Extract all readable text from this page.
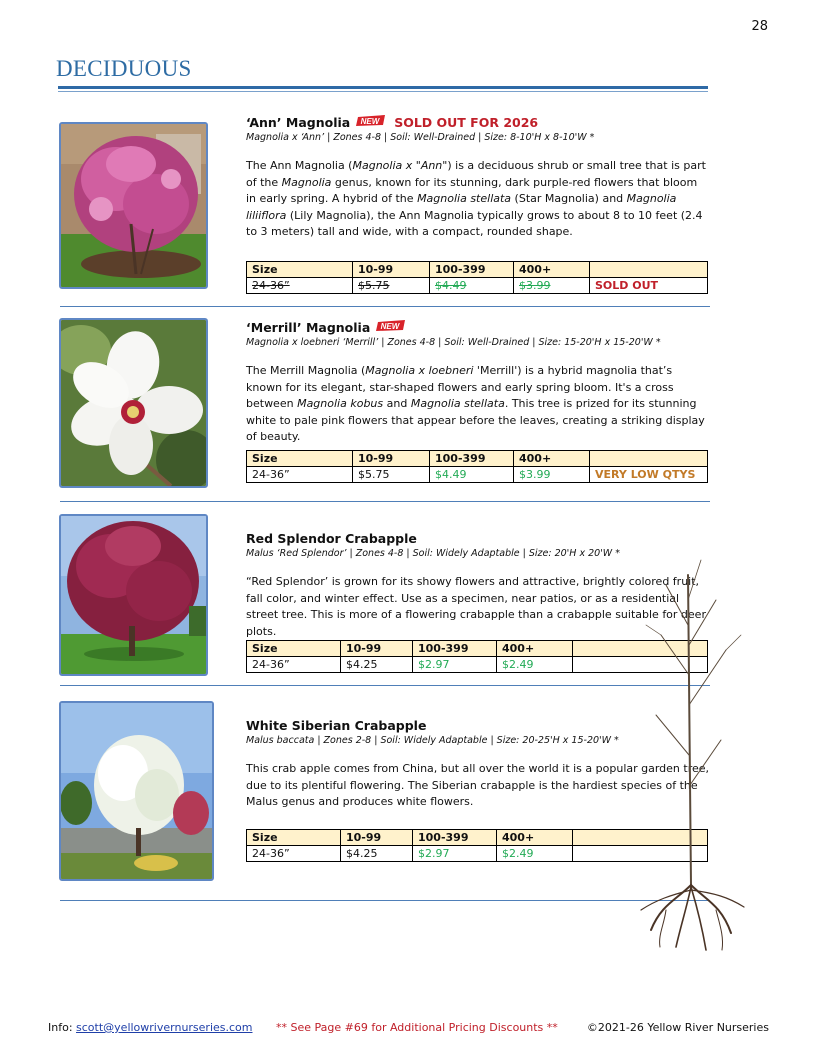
28
DECIDUOUS
‘Ann’ Magnolia NEW SOLD OUT FOR 2026
Magnolia x ‘Ann’ | Zones 4-8 | Soil: Well-Drained | Size: 8-10'H x 8-10'W *

The Ann Magnolia (Magnolia x "Ann") is a deciduous shrub or small tree that is part of the Magnolia genus, known for its stunning, dark purple-red flowers that bloom in early spring. A hybrid of the Magnolia stellata (Star Magnolia) and Magnolia liliiflora (Lily Magnolia), the Ann Magnolia typically grows to about 8 to 10 feet (2.4 to 3 meters) tall and wide, with a compact, rounded shape.

Size	10-99	100-399	400+	
24-36”	$5.75	$4.49	$3.99	SOLD OUT
‘Merrill’ Magnolia NEW
Magnolia x loebneri ‘Merrill’ | Zones 4-8 | Soil: Well-Drained | Size: 15-20'H x 15-20'W *

The Merrill Magnolia (Magnolia x loebneri 'Merrill') is a hybrid magnolia that’s known for its elegant, star-shaped flowers and early spring bloom. It's a cross between Magnolia kobus and Magnolia stellata. This tree is prized for its stunning white to pale pink flowers that appear before the leaves, creating a striking display of beauty.

Size	10-99	100-399	400+	
24-36”	$5.75	$4.49	$3.99	VERY LOW QTYS
Red Splendor Crabapple
Malus ‘Red Splendor’ | Zones 4-8 | Soil: Widely Adaptable | Size: 20'H x 20'W *
“Red Splendor’ is grown for its showy flowers and attractive, brightly colored fruit, fall color, and winter effect. Use as a specimen, near patios, or as a residential street tree. This is more of a flowering crabapple than a crabapple suitable for deer plots.
Size	10-99	100-399	400+	
24-36”	$4.25	$2.97	$2.49	
White Siberian Crabapple
Malus baccata | Zones 2-8 | Soil: Widely Adaptable | Size: 20-25'H x 15-20'W *
This crab apple comes from China, but all over the world it is a popular garden tree, due to its plentiful flowering. The Siberian crabapple is the hardiest species of the Malus genus and produces white flowers.
Size	10-99	100-399	400+	
24-36”	$4.25	$2.97	$2.49	
Info: scott@yellowrivernurseries.com ** See Page #69 for Additional Pricing Discounts **	©2021-26 Yellow River Nurseries
